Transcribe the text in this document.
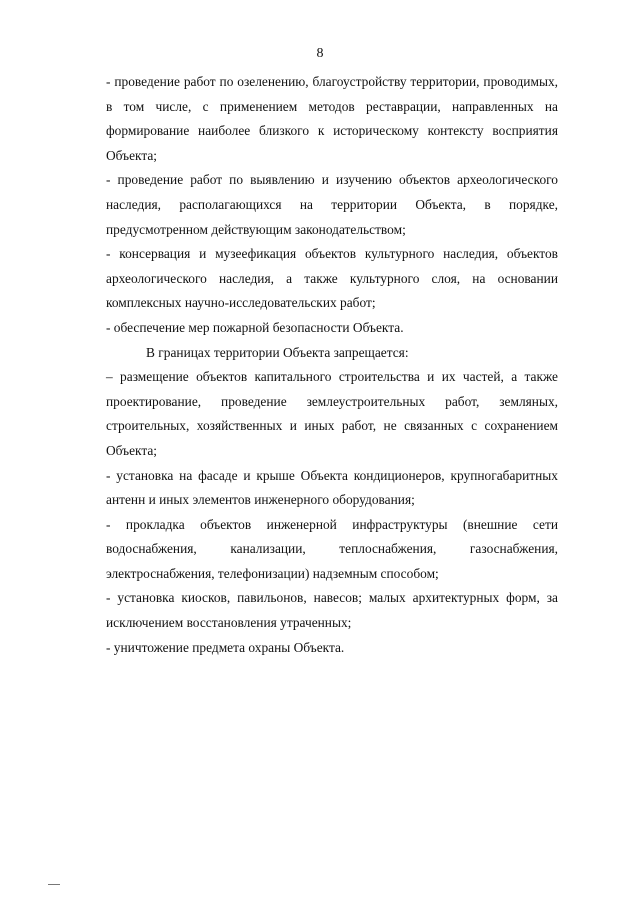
8

- проведение работ по озеленению, благоустройству территории, проводимых, в том числе, с применением методов реставрации, направленных на формирование наиболее близкого к историческому контексту восприятия Объекта;

- проведение работ по выявлению и изучению объектов археологического наследия, располагающихся на территории Объекта, в порядке, предусмотренном действующим законодательством;

- консервация и музеефикация объектов культурного наследия, объектов археологического наследия, а также культурного слоя, на основании комплексных научно-исследовательских работ;

- обеспечение мер пожарной безопасности Объекта.

В границах территории Объекта запрещается:

– размещение объектов капитального строительства и их частей, а также проектирование, проведение землеустроительных работ, земляных, строительных, хозяйственных и иных работ, не связанных с сохранением Объекта;

- установка на фасаде и крыше Объекта кондиционеров, крупногабаритных антенн и иных элементов инженерного оборудования;

- прокладка объектов инженерной инфраструктуры (внешние сети водоснабжения, канализации, теплоснабжения, газоснабжения, электроснабжения, телефонизации) надземным способом;

- установка киосков, павильонов, навесов; малых архитектурных форм, за исключением восстановления утраченных;

- уничтожение предмета охраны Объекта.
